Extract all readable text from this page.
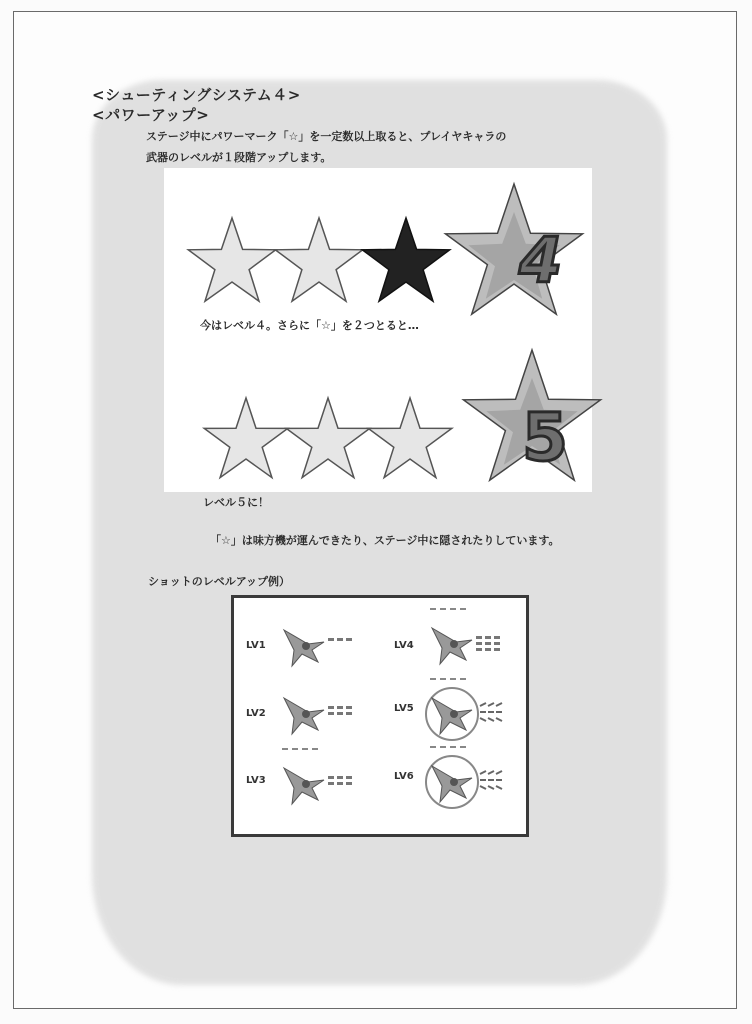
<シューティングシステム４>
<パワーアップ>

ステージ中にパワーマーク「☆」を一定数以上取ると、プレイヤキャラの

武器のレベルが１段階アップします。

4
今はレベル４。さらに「☆」を２つとると…
5
レベル５に！
「☆」は味方機が運んできたり、ステージ中に隠されたりしています。
ショットのレベルアップ例）
LV1
LV2
LV3
LV4
LV5
LV6
